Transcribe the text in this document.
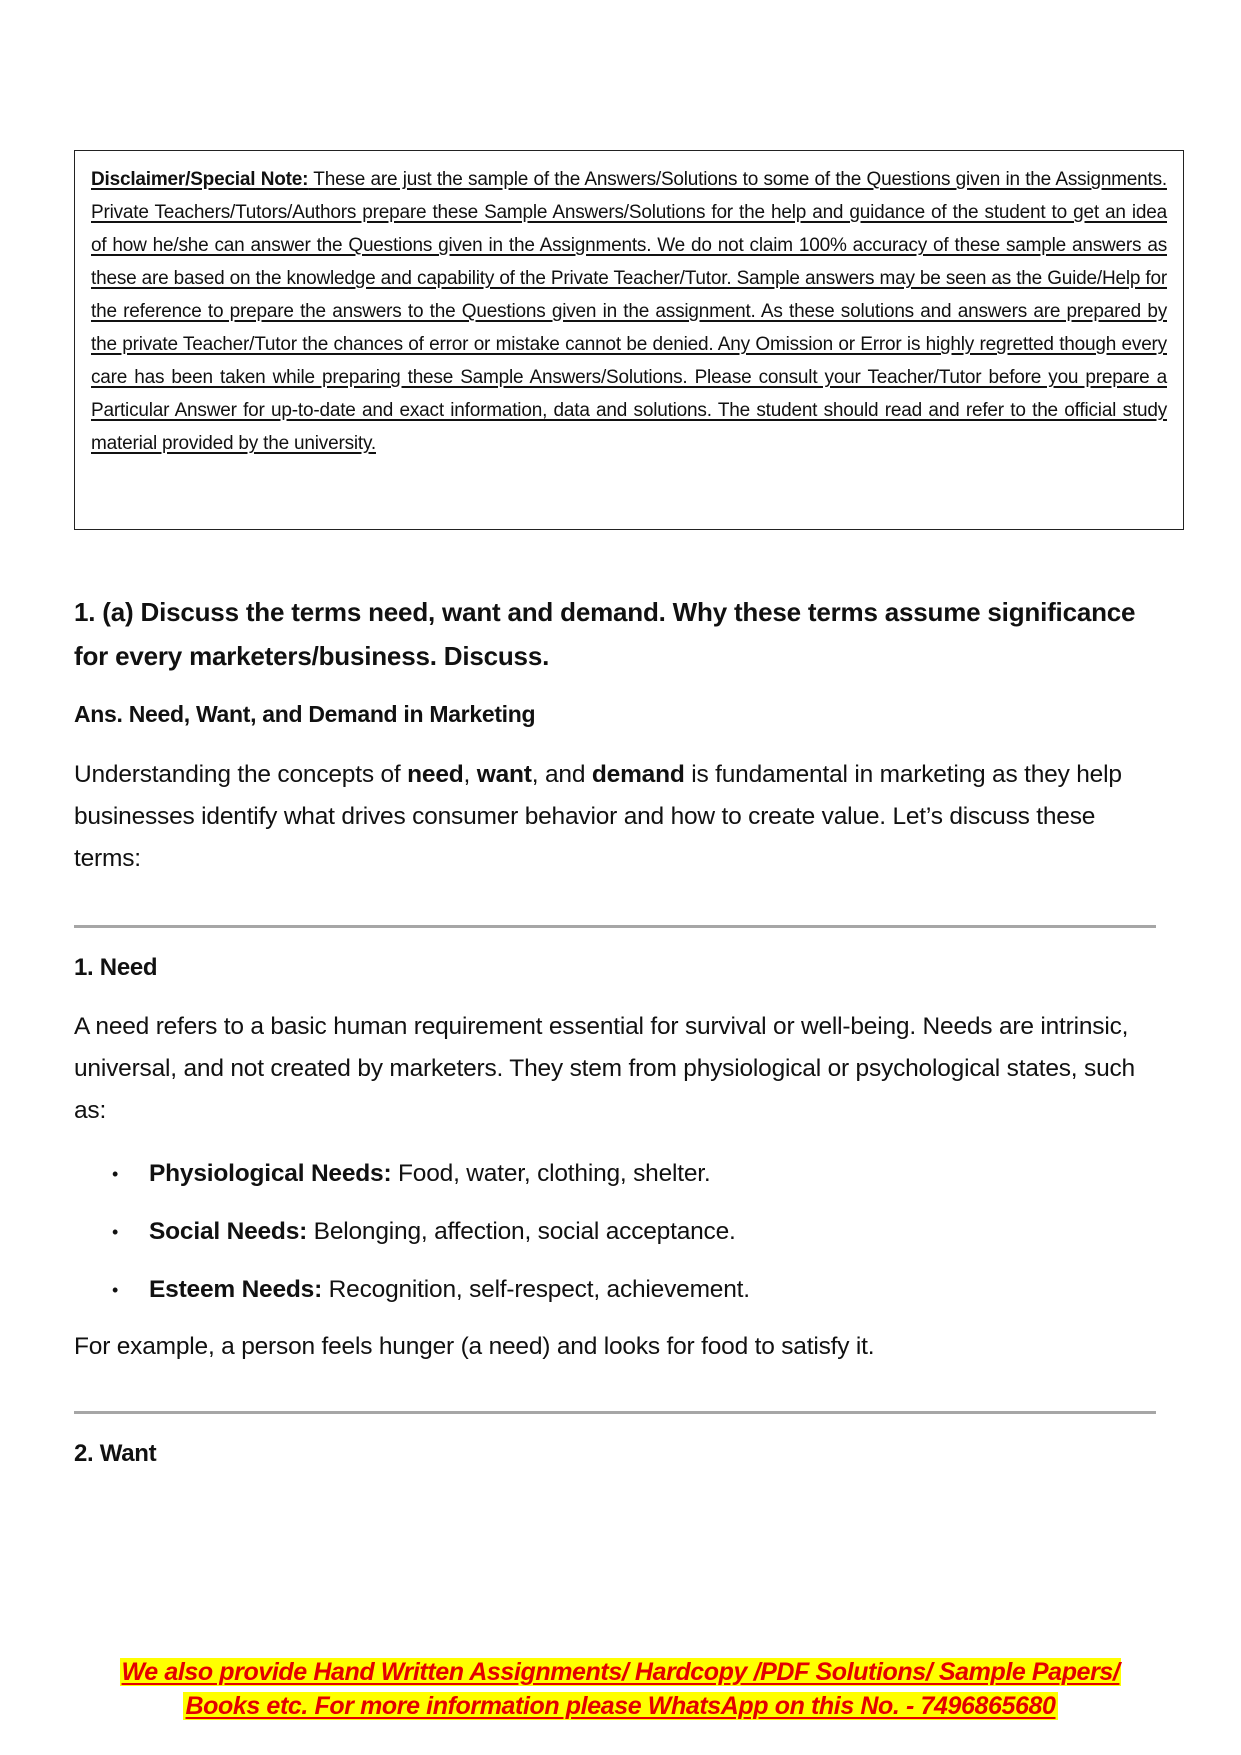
Disclaimer/Special Note: These are just the sample of the Answers/Solutions to some of the Questions given in the Assignments. Private Teachers/Tutors/Authors prepare these Sample Answers/Solutions for the help and guidance of the student to get an idea of how he/she can answer the Questions given in the Assignments. We do not claim 100% accuracy of these sample answers as these are based on the knowledge and capability of the Private Teacher/Tutor. Sample answers may be seen as the Guide/Help for the reference to prepare the answers to the Questions given in the assignment. As these solutions and answers are prepared by the private Teacher/Tutor the chances of error or mistake cannot be denied. Any Omission or Error is highly regretted though every care has been taken while preparing these Sample Answers/Solutions. Please consult your Teacher/Tutor before you prepare a Particular Answer for up-to-date and exact information, data and solutions. The student should read and refer to the official study material provided by the university.
1. (a) Discuss the terms need, want and demand. Why these terms assume significance for every marketers/business. Discuss.
Ans. Need, Want, and Demand in Marketing
Understanding the concepts of need, want, and demand is fundamental in marketing as they help businesses identify what drives consumer behavior and how to create value. Let’s discuss these terms:
1. Need
A need refers to a basic human requirement essential for survival or well-being. Needs are intrinsic, universal, and not created by marketers. They stem from physiological or psychological states, such as:
• Physiological Needs: Food, water, clothing, shelter.
• Social Needs: Belonging, affection, social acceptance.
• Esteem Needs: Recognition, self-respect, achievement.
For example, a person feels hunger (a need) and looks for food to satisfy it.
2. Want
We also provide Hand Written Assignments/ Hardcopy /PDF Solutions/ Sample Papers/
Books etc. For more information please WhatsApp on this No. - 7496865680
